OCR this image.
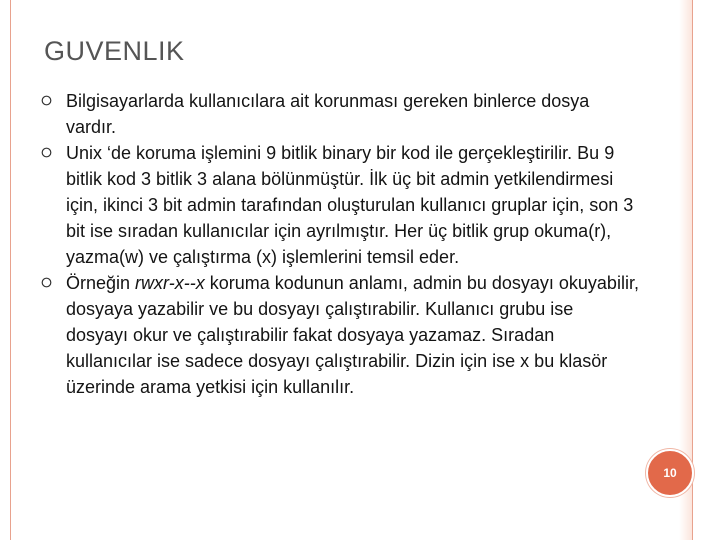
GUVENLIK
Bilgisayarlarda kullanıcılara ait korunması gereken binlerce dosya vardır.
Unix ‘de koruma işlemini 9 bitlik binary bir kod ile gerçekleştirilir. Bu 9 bitlik kod 3 bitlik 3 alana bölünmüştür. İlk üç bit admin yetkilendirmesi için, ikinci 3 bit admin tarafından oluşturulan kullanıcı gruplar için, son 3 bit ise sıradan kullanıcılar için ayrılmıştır. Her üç bitlik grup okuma(r), yazma(w) ve çalıştırma (x) işlemlerini temsil eder.
Örneğin rwxr-x--x koruma kodunun anlamı, admin bu dosyayı okuyabilir, dosyaya yazabilir ve bu dosyayı çalıştırabilir. Kullanıcı grubu ise dosyayı okur ve çalıştırabilir fakat dosyaya yazamaz. Sıradan kullanıcılar ise sadece dosyayı çalıştırabilir. Dizin için ise x bu klasör üzerinde arama yetkisi için kullanılır.
10
